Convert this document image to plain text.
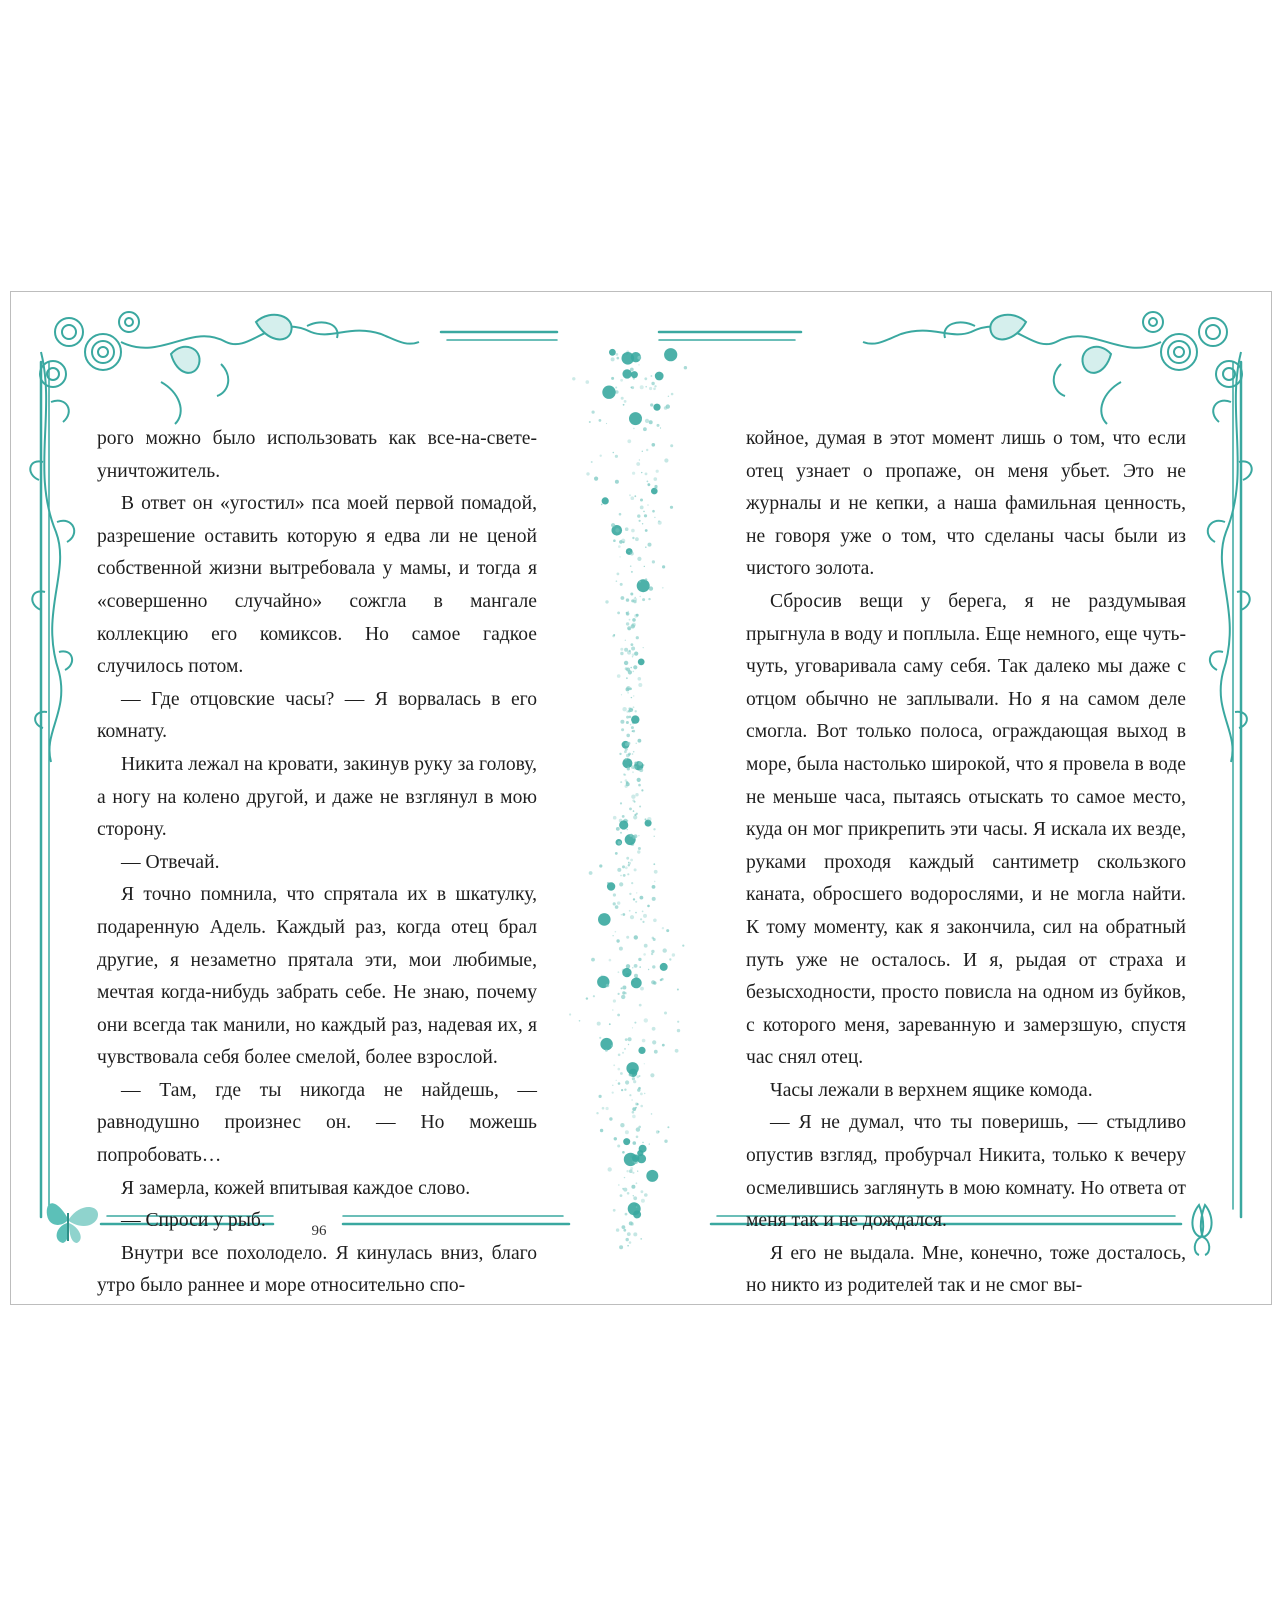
рого можно было использовать как все-на-свете-уничтожитель.

В ответ он «угостил» пса моей первой помадой, разрешение оставить которую я едва ли не ценой собственной жизни вытребовала у мамы, и тогда я «совершенно случайно» сожгла в мангале коллекцию его комиксов. Но самое гадкое случилось потом.

— Где отцовские часы? — Я ворвалась в его комнату.

Никита лежал на кровати, закинув руку за голову, а ногу на колено другой, и даже не взглянул в мою сторону.

— Отвечай.

Я точно помнила, что спрятала их в шкатулку, подаренную Адель. Каждый раз, когда отец брал другие, я незаметно прятала эти, мои любимые, мечтая когда-нибудь забрать себе. Не знаю, почему они всегда так манили, но каждый раз, надевая их, я чувствовала себя более смелой, более взрослой.

— Там, где ты никогда не найдешь, — равнодушно произнес он. — Но можешь попробовать…

Я замерла, кожей впитывая каждое слово.

— Спроси у рыб.

Внутри все похолодело. Я кинулась вниз, благо утро было раннее и море относительно спо-

койное, думая в этот момент лишь о том, что если отец узнает о пропаже, он меня убьет. Это не журналы и не кепки, а наша фамильная ценность, не говоря уже о том, что сделаны часы были из чистого золота.

Сбросив вещи у берега, я не раздумывая прыгнула в воду и поплыла. Еще немного, еще чуть-чуть, уговаривала саму себя. Так далеко мы даже с отцом обычно не заплывали. Но я на самом деле смогла. Вот только полоса, ограждающая выход в море, была настолько широкой, что я провела в воде не меньше часа, пытаясь отыскать то самое место, куда он мог прикрепить эти часы. Я искала их везде, руками проходя каждый сантиметр скользкого каната, обросшего водорослями, и не могла найти. К тому моменту, как я закончила, сил на обратный путь уже не осталось. И я, рыдая от страха и безысходности, просто повисла на одном из буйков, с которого меня, зареванную и замерзшую, спустя час снял отец.

Часы лежали в верхнем ящике комода.

— Я не думал, что ты поверишь, — стыдливо опустив взгляд, пробурчал Никита, только к вечеру осмелившись заглянуть в мою комнату. Но ответа от меня так и не дождался.

Я его не выдала. Мне, конечно, тоже досталось, но никто из родителей так и не смог вы-

96
